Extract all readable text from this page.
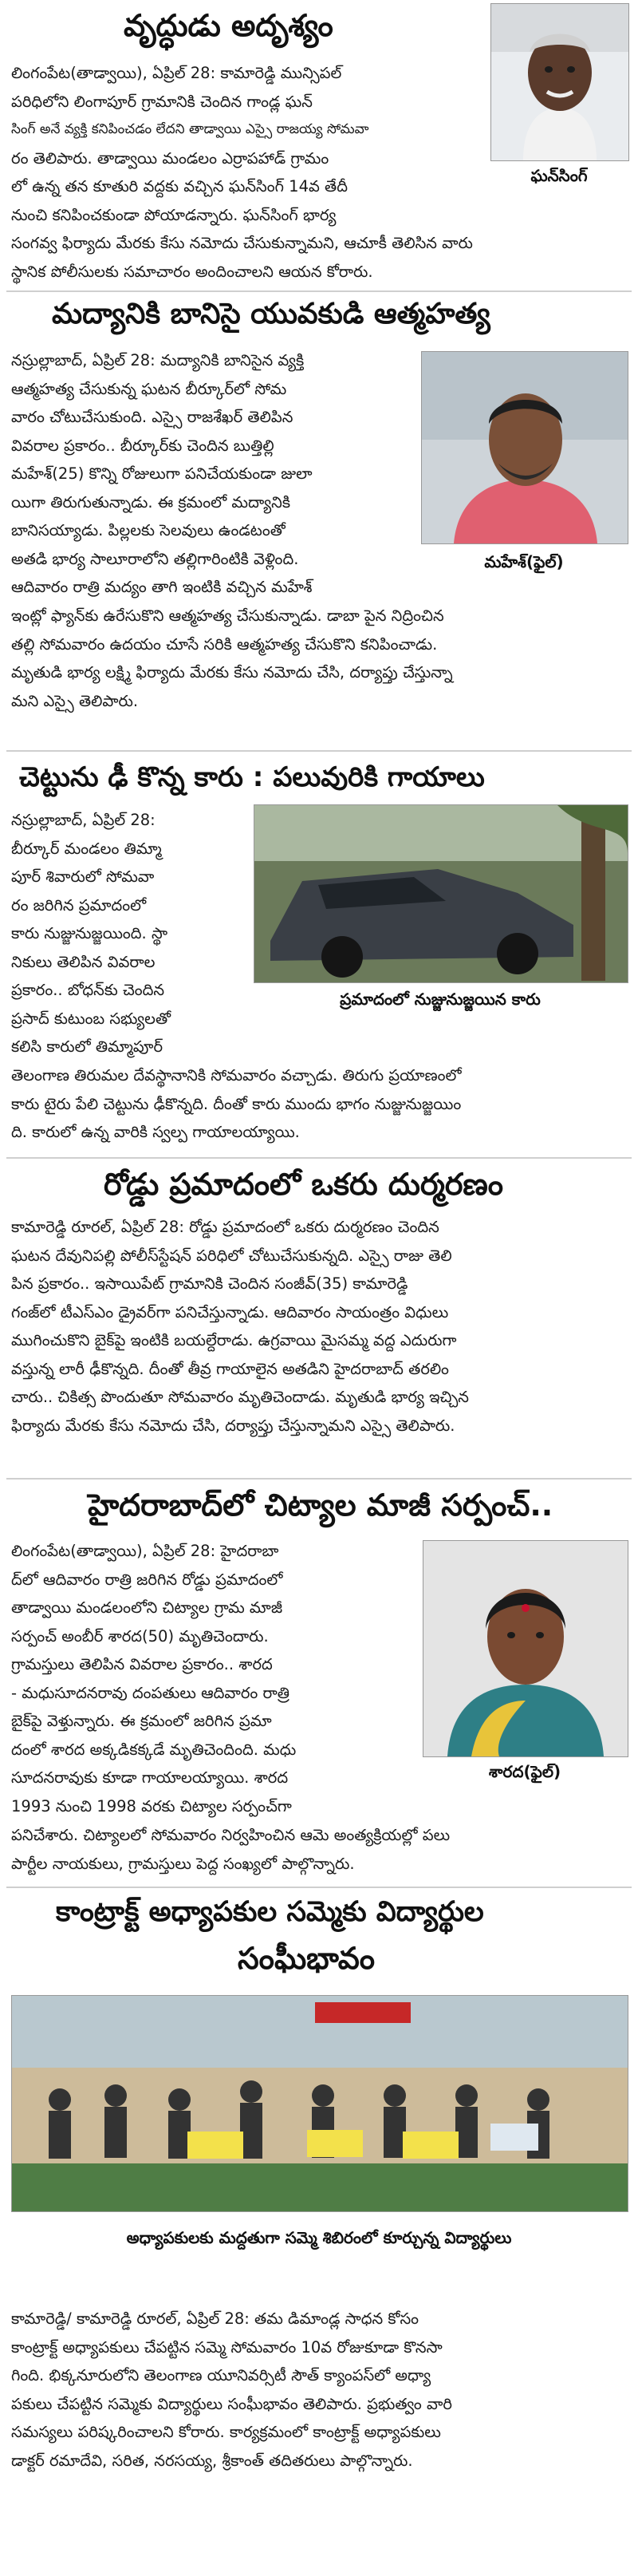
వృద్ధుడు అదృశ్యం
ఘన్‌సింగ్
లింగంపేట(తాడ్వాయి), ఏప్రిల్ 28: కామారెడ్డి మున్సిపల్
పరిధిలోని లింగాపూర్ గ్రామానికి చెందిన గాండ్ల ఘన్
సింగ్ అనే వ్యక్తి కనిపించడం లేదని తాడ్వాయి ఎస్సై రాజయ్య సోమవా
రం తెలిపారు. తాడ్వాయి మండలం ఎర్రాపహాడ్ గ్రామం
లో ఉన్న తన కూతురి వద్దకు వచ్చిన ఘన్‌సింగ్ 14వ తేదీ
నుంచి కనిపించకుండా పోయాడన్నారు. ఘన్‌సింగ్ భార్య
సంగవ్వ ఫిర్యాదు మేరకు కేసు నమోదు చేసుకున్నామని, ఆచూకీ తెలిసిన వారు
స్థానిక పోలీసులకు సమాచారం అందించాలని ఆయన కోరారు.
మద్యానికి బానిసై యువకుడి ఆత్మహత్య
మహేశ్(ఫైల్)
నస్రుల్లాబాద్, ఏప్రిల్ 28: మద్యానికి బానిసైన వ్యక్తి
ఆత్మహత్య చేసుకున్న ఘటన బీర్కూర్‌లో సోమ
వారం చోటుచేసుకుంది. ఎస్సై రాజశేఖర్ తెలిపిన
వివరాల ప్రకారం.. బీర్కూర్‌కు చెందిన బుత్తిల్లి
మహేశ్(25) కొన్ని రోజులుగా పనిచేయకుండా జులా
యిగా తిరుగుతున్నాడు. ఈ క్రమంలో మద్యానికి
బానిసయ్యాడు. పిల్లలకు సెలవులు ఉండటంతో
అతడి భార్య సాలూరాలోని తల్లిగారింటికి వెళ్లింది.
ఆదివారం రాత్రి మద్యం తాగి ఇంటికి వచ్చిన మహేశ్
ఇంట్లో ఫ్యాన్‌కు ఉరేసుకొని ఆత్మహత్య చేసుకున్నాడు. డాబా పైన నిద్రించిన
తల్లి సోమవారం ఉదయం చూసే సరికి ఆత్మహత్య చేసుకొని కనిపించాడు.
మృతుడి భార్య లక్ష్మి ఫిర్యాదు మేరకు కేసు నమోదు చేసి, దర్యాప్తు చేస్తున్నా
మని ఎస్సై తెలిపారు.
చెట్టును ఢీ కొన్న కారు : పలువురికి గాయాలు
ప్రమాదంలో నుజ్జునుజ్జయిన కారు
నస్రుల్లాబాద్, ఏప్రిల్ 28:
బీర్కూర్ మండలం తిమ్మా
పూర్ శివారులో సోమవా
రం జరిగిన ప్రమాదంలో
కారు నుజ్జునుజ్జయింది. స్థా
నికులు తెలిపిన వివరాల
ప్రకారం.. బోధన్‌కు చెందిన
ప్రసాద్ కుటుంబ సభ్యులతో
కలిసి కారులో తిమ్మాపూర్
తెలంగాణ తిరుమల దేవస్థానానికి సోమవారం వచ్చాడు. తిరుగు ప్రయాణంలో
కారు టైరు పేలి చెట్టును ఢీకొన్నది. దీంతో కారు ముందు భాగం నుజ్జునుజ్జయిం
ది. కారులో ఉన్న వారికి స్వల్ప గాయాలయ్యాయి.
రోడ్డు ప్రమాదంలో ఒకరు దుర్మరణం
కామారెడ్డి రూరల్, ఏప్రిల్ 28: రోడ్డు ప్రమాదంలో ఒకరు దుర్మరణం చెందిన
ఘటన దేవునిపల్లి పోలీస్‌స్టేషన్ పరిధిలో చోటుచేసుకున్నది. ఎస్సై రాజు తెలి
పిన ప్రకారం.. ఇసాయిపేట్ గ్రామానికి చెందిన సంజీవ్(35) కామారెడ్డి
గంజ్‌లో టీఎస్ఎం డ్రైవర్‌గా పనిచేస్తున్నాడు. ఆదివారం సాయంత్రం విధులు
ముగించుకొని బైక్‌పై ఇంటికి బయల్దేరాడు. ఉగ్రవాయి మైసమ్మ వద్ద ఎదురుగా
వస్తున్న లారీ ఢీకొన్నది. దీంతో తీవ్ర గాయాలైన అతడిని హైదరాబాద్ తరలిం
చారు.. చికిత్స పొందుతూ సోమవారం మృతిచెందాడు. మృతుడి భార్య ఇచ్చిన
ఫిర్యాదు మేరకు కేసు నమోదు చేసి, దర్యాప్తు చేస్తున్నామని ఎస్సై తెలిపారు.
హైదరాబాద్‌లో చిట్యాల మాజీ సర్పంచ్..
శారద(ఫైల్)
లింగంపేట(తాడ్వాయి), ఏప్రిల్ 28: హైదరాబా
ద్‌లో ఆదివారం రాత్రి జరిగిన రోడ్డు ప్రమాదంలో
తాడ్వాయి మండలంలోని చిట్యాల గ్రామ మాజీ
సర్పంచ్ అంబీర్ శారద(50) మృతిచెందారు.
గ్రామస్తులు తెలిపిన వివరాల ప్రకారం.. శారద
- మధుసూదనరావు దంపతులు ఆదివారం రాత్రి
బైక్‌పై వెళ్తున్నారు. ఈ క్రమంలో జరిగిన ప్రమా
దంలో శారద అక్కడికక్కడే మృతిచెందింది. మధు
సూదనరావుకు కూడా గాయాలయ్యాయి. శారద
1993 నుంచి 1998 వరకు చిట్యాల సర్పంచ్‌గా
పనిచేశారు. చిట్యాలలో సోమవారం నిర్వహించిన ఆమె అంత్యక్రియల్లో పలు
పార్టీల నాయకులు, గ్రామస్తులు పెద్ద సంఖ్యలో పాల్గొన్నారు.
కాంట్రాక్ట్ అధ్యాపకుల సమ్మెకు విద్యార్థుల
సంఘీభావం
అధ్యాపకులకు మద్దతుగా సమ్మె శిబిరంలో కూర్చున్న విద్యార్థులు
కామారెడ్డి/ కామారెడ్డి రూరల్, ఏప్రిల్ 28: తమ డిమాండ్ల సాధన కోసం
కాంట్రాక్ట్ అధ్యాపకులు చేపట్టిన సమ్మె సోమవారం 10వ రోజుకూడా కొనసా
గింది. భిక్కనూరులోని తెలంగాణ యూనివర్సిటీ సౌత్ క్యాంపస్‌లో అధ్యా
పకులు చేపట్టిన సమ్మెకు విద్యార్థులు సంఘీభావం తెలిపారు. ప్రభుత్వం వారి
సమస్యలు పరిష్కరించాలని కోరారు. కార్యక్రమంలో కాంట్రాక్ట్ అధ్యాపకులు
డాక్టర్ రమాదేవి, సరిత, నరసయ్య, శ్రీకాంత్ తదితరులు పాల్గొన్నారు.
